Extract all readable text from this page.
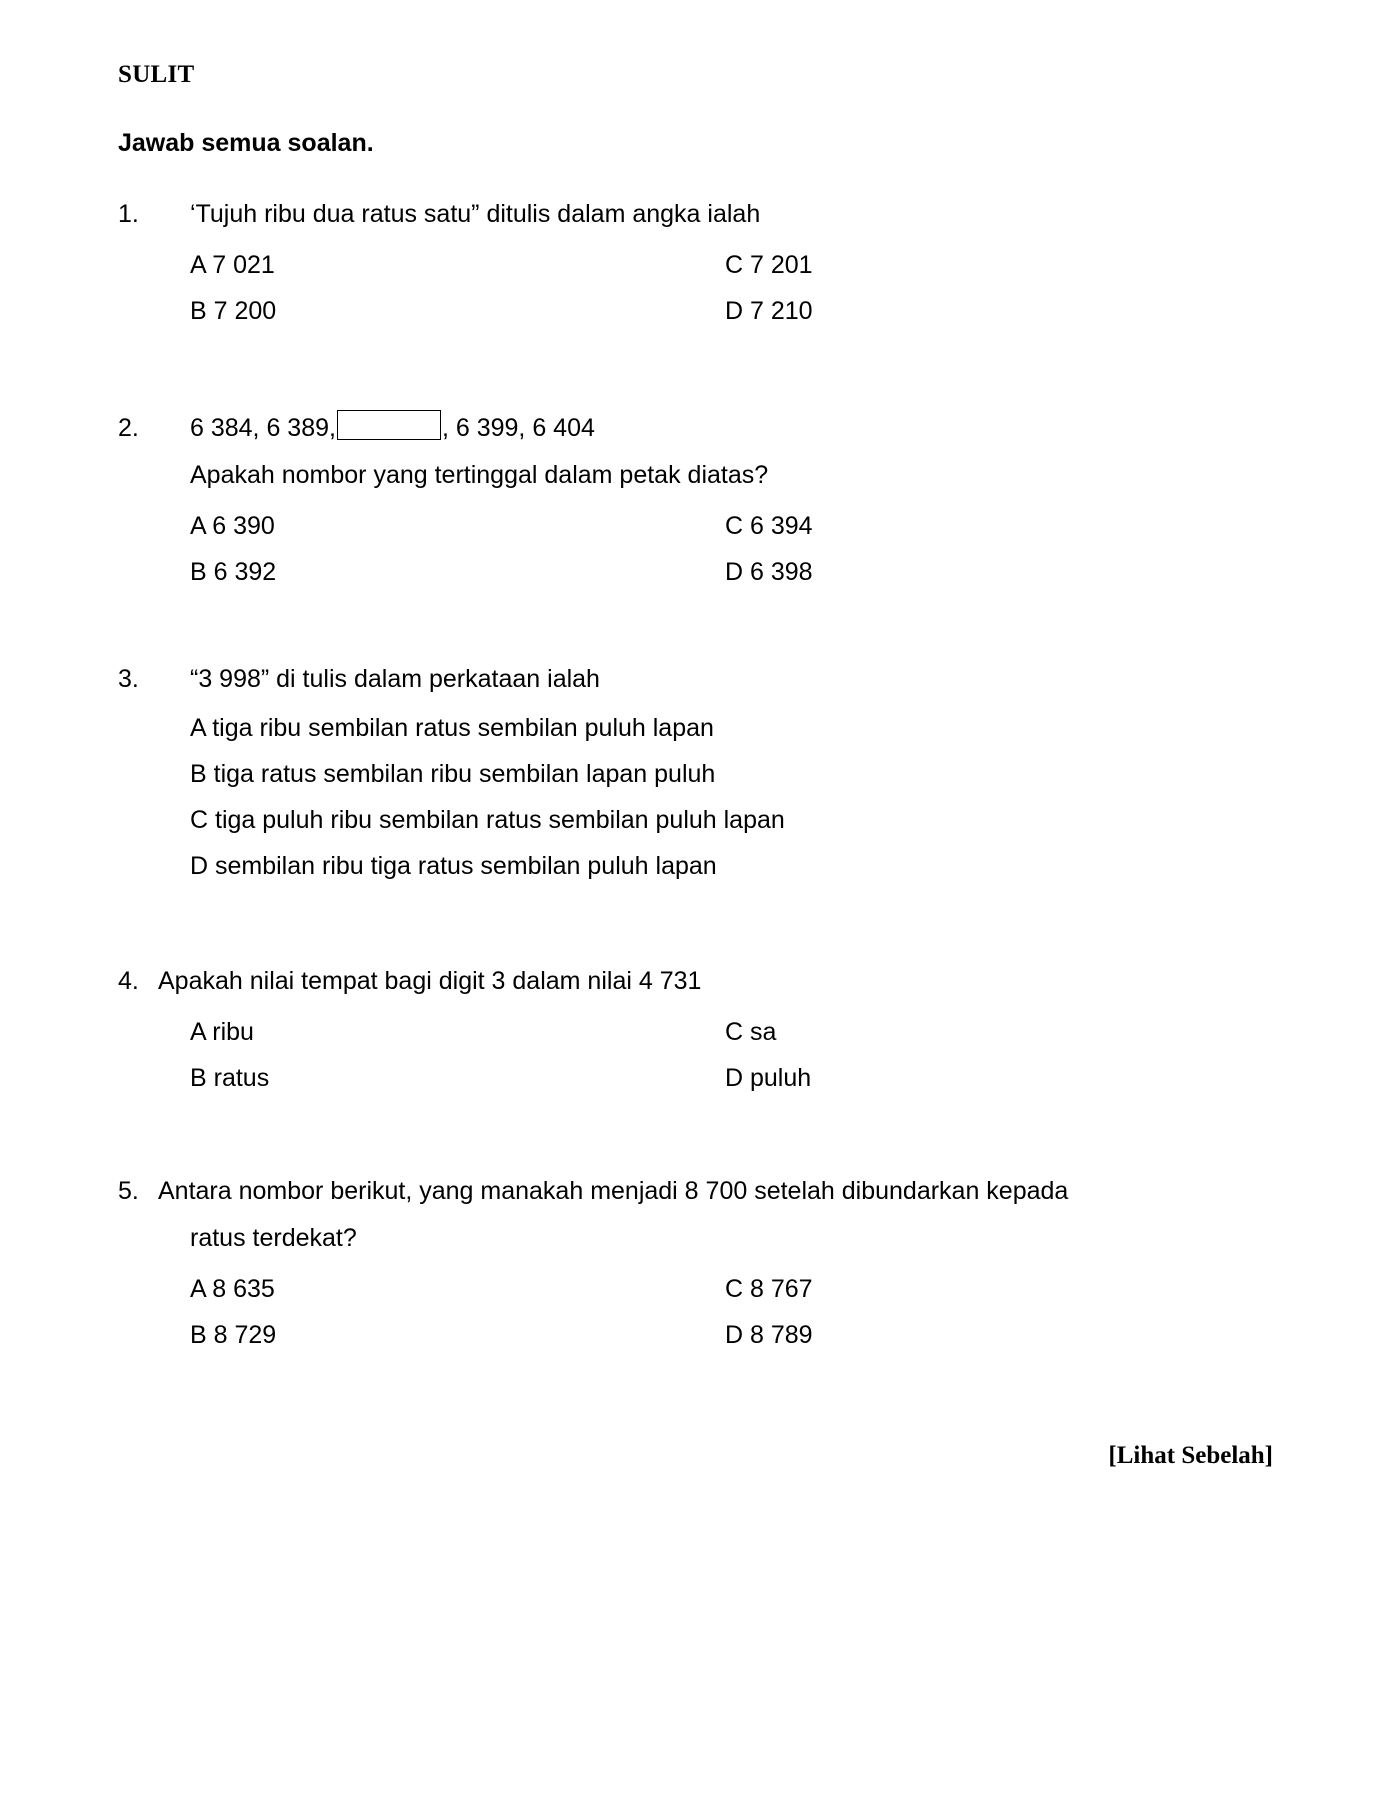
SULIT
Jawab semua soalan.
1.	‘Tujuh ribu dua ratus satu” ditulis dalam angka ialah
A 7 021	C 7 201
B 7 200	D 7 210
2.	6 384, 6 389,	, 6 399, 6 404
Apakah nombor yang tertinggal dalam petak diatas?
A 6 390	C 6 394
B 6 392	D 6 398
3.	“3 998” di tulis dalam perkataan ialah
A tiga ribu sembilan ratus sembilan puluh lapan
B tiga ratus sembilan ribu sembilan lapan puluh
C tiga puluh ribu sembilan ratus sembilan puluh lapan
D sembilan ribu tiga ratus sembilan puluh lapan
4. Apakah nilai tempat bagi digit 3 dalam nilai 4 731
A ribu	C sa
B ratus	D puluh
5. Antara nombor berikut, yang manakah menjadi 8 700 setelah dibundarkan kepada
ratus terdekat?
A 8 635	C 8 767
B 8 729	D 8 789
[Lihat Sebelah]
